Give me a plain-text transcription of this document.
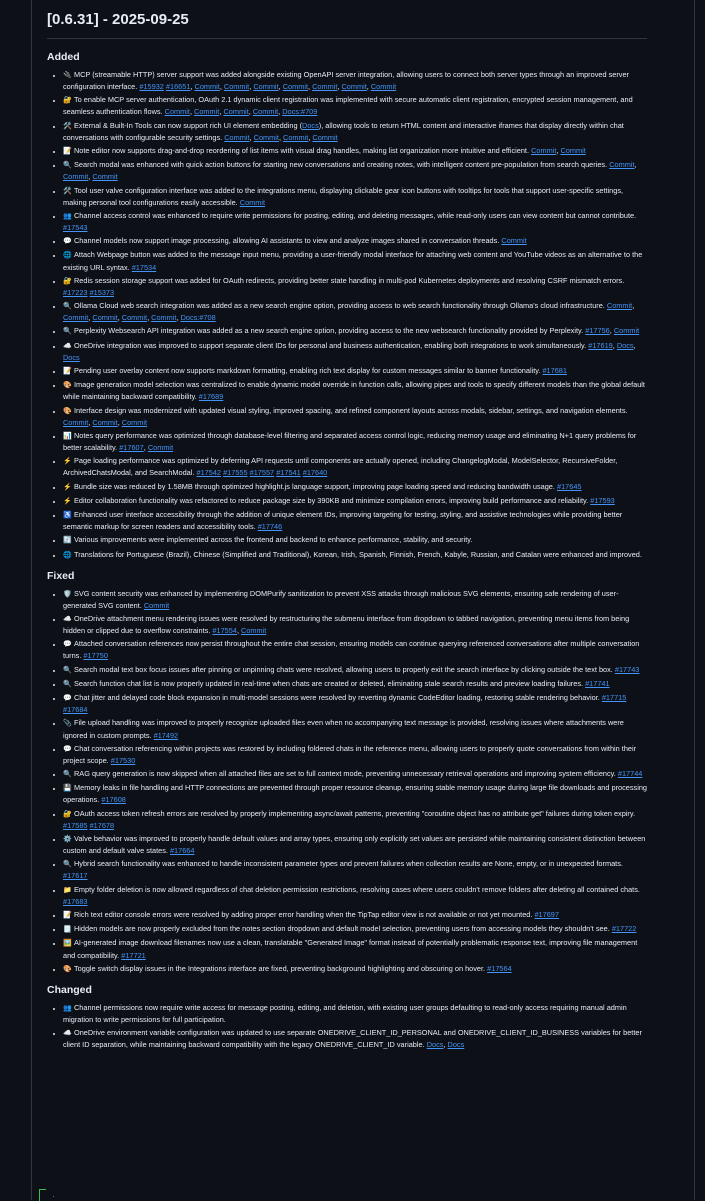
[0.6.31] - 2025-09-25
Added
• 🔌 MCP (streamable HTTP) server support was added alongside existing OpenAPI server integration, allowing users to connect both server types through an improved server configuration interface. #15932 #16651, Commit, Commit, Commit, Commit, Commit, Commit, Commit
• 🔐 To enable MCP server authentication, OAuth 2.1 dynamic client registration was implemented with secure automatic client registration, encrypted session management, and seamless authentication flows. Commit, Commit, Commit, Commit, Docs:#709
• 🛠️ External & Built-In Tools can now support rich UI element embedding (Docs), allowing tools to return HTML content and interactive iframes that display directly within chat conversations with configurable security settings. Commit, Commit, Commit, Commit
• 📝 Note editor now supports drag-and-drop reordering of list items with visual drag handles, making list organization more intuitive and efficient. Commit, Commit
• 🔍 Search modal was enhanced with quick action buttons for starting new conversations and creating notes, with intelligent content pre-population from search queries. Commit, Commit, Commit
• 🛠️ Tool user valve configuration interface was added to the integrations menu, displaying clickable gear icon buttons with tooltips for tools that support user-specific settings, making personal tool configurations easily accessible. Commit
• 👥 Channel access control was enhanced to require write permissions for posting, editing, and deleting messages, while read-only users can view content but cannot contribute. #17543
• 💬 Channel models now support image processing, allowing AI assistants to view and analyze images shared in conversation threads. Commit
• 🌐 Attach Webpage button was added to the message input menu, providing a user-friendly modal interface for attaching web content and YouTube videos as an alternative to the existing URL syntax. #17534
• 🔐 Redis session storage support was added for OAuth redirects, providing better state handling in multi-pod Kubernetes deployments and resolving CSRF mismatch errors. #17223 #15373
• 🔍 Ollama Cloud web search integration was added as a new search engine option, providing access to web search functionality through Ollama's cloud infrastructure. Commit, Commit, Commit, Commit, Commit, Docs:#708
• 🔍 Perplexity Websearch API integration was added as a new search engine option, providing access to the new websearch functionality provided by Perplexity. #17756, Commit
• ☁️ OneDrive integration was improved to support separate client IDs for personal and business authentication, enabling both integrations to work simultaneously. #17619, Docs, Docs
• 📝 Pending user overlay content now supports markdown formatting, enabling rich text display for custom messages similar to banner functionality. #17681
• 🎨 Image generation model selection was centralized to enable dynamic model override in function calls, allowing pipes and tools to specify different models than the global default while maintaining backward compatibility. #17689
• 🎨 Interface design was modernized with updated visual styling, improved spacing, and refined component layouts across modals, sidebar, settings, and navigation elements. Commit, Commit, Commit
• 📊 Notes query performance was optimized through database-level filtering and separated access control logic, reducing memory usage and eliminating N+1 query problems for better scalability. #17607, Commit
• ⚡ Page loading performance was optimized by deferring API requests until components are actually opened, including ChangelogModal, ModelSelector, RecursiveFolder, ArchivedChatsModal, and SearchModal. #17542 #17555 #17557 #17541 #17640
• ⚡ Bundle size was reduced by 1.58MB through optimized highlight.js language support, improving page loading speed and reducing bandwidth usage. #17645
• ⚡ Editor collaboration functionality was refactored to reduce package size by 390KB and minimize compilation errors, improving build performance and reliability. #17593
• ♿ Enhanced user interface accessibility through the addition of unique element IDs, improving targeting for testing, styling, and assistive technologies while providing better semantic markup for screen readers and accessibility tools. #17746
• 🔄 Various improvements were implemented across the frontend and backend to enhance performance, stability, and security.
• 🌐 Translations for Portuguese (Brazil), Chinese (Simplified and Traditional), Korean, Irish, Spanish, Finnish, French, Kabyle, Russian, and Catalan were enhanced and improved.
Fixed
• 🛡️ SVG content security was enhanced by implementing DOMPurify sanitization to prevent XSS attacks through malicious SVG elements, ensuring safe rendering of user-generated SVG content. Commit
• ☁️ OneDrive attachment menu rendering issues were resolved by restructuring the submenu interface from dropdown to tabbed navigation, preventing menu items from being hidden or clipped due to overflow constraints. #17554, Commit
• 💬 Attached conversation references now persist throughout the entire chat session, ensuring models can continue querying referenced conversations after multiple conversation turns. #17750
• 🔍 Search modal text box focus issues after pinning or unpinning chats were resolved, allowing users to properly exit the search interface by clicking outside the text box. #17743
• 🔍 Search function chat list is now properly updated in real-time when chats are created or deleted, eliminating stale search results and preview loading failures. #17741
• 💬 Chat jitter and delayed code block expansion in multi-model sessions were resolved by reverting dynamic CodeEditor loading, restoring stable rendering behavior. #17715 #17684
• 📎 File upload handling was improved to properly recognize uploaded files even when no accompanying text message is provided, resolving issues where attachments were ignored in custom prompts. #17492
• 💬 Chat conversation referencing within projects was restored by including foldered chats in the reference menu, allowing users to properly quote conversations from within their project scope. #17530
• 🔍 RAG query generation is now skipped when all attached files are set to full context mode, preventing unnecessary retrieval operations and improving system efficiency. #17744
• 💾 Memory leaks in file handling and HTTP connections are prevented through proper resource cleanup, ensuring stable memory usage during large file downloads and processing operations. #17608
• 🔐 OAuth access token refresh errors are resolved by properly implementing async/await patterns, preventing "coroutine object has no attribute get" failures during token expiry. #17585 #17678
• ⚙️ Valve behavior was improved to properly handle default values and array types, ensuring only explicitly set values are persisted while maintaining consistent distinction between custom and default valve states. #17664
• 🔍 Hybrid search functionality was enhanced to handle inconsistent parameter types and prevent failures when collection results are None, empty, or in unexpected formats. #17617
• 📁 Empty folder deletion is now allowed regardless of chat deletion permission restrictions, resolving cases where users couldn't remove folders after deleting all contained chats. #17683
• 📝 Rich text editor console errors were resolved by adding proper error handling when the TipTap editor view is not available or not yet mounted. #17697
• 🗒️ Hidden models are now properly excluded from the notes section dropdown and default model selection, preventing users from accessing models they shouldn't see. #17722
• 🖼️ AI-generated image download filenames now use a clean, translatable "Generated Image" format instead of potentially problematic response text, improving file management and compatibility. #17721
• 🎨 Toggle switch display issues in the Integrations interface are fixed, preventing background highlighting and obscuring on hover. #17564
Changed
• 👥 Channel permissions now require write access for message posting, editing, and deletion, with existing user groups defaulting to read-only access requiring manual admin migration to write permissions for full participation.
• ☁️ OneDrive environment variable configuration was updated to use separate ONEDRIVE_CLIENT_ID_PERSONAL and ONEDRIVE_CLIENT_ID_BUSINESS variables for better client ID separation, while maintaining backward compatibility with the legacy ONEDRIVE_CLIENT_ID variable. Docs, Docs
·
